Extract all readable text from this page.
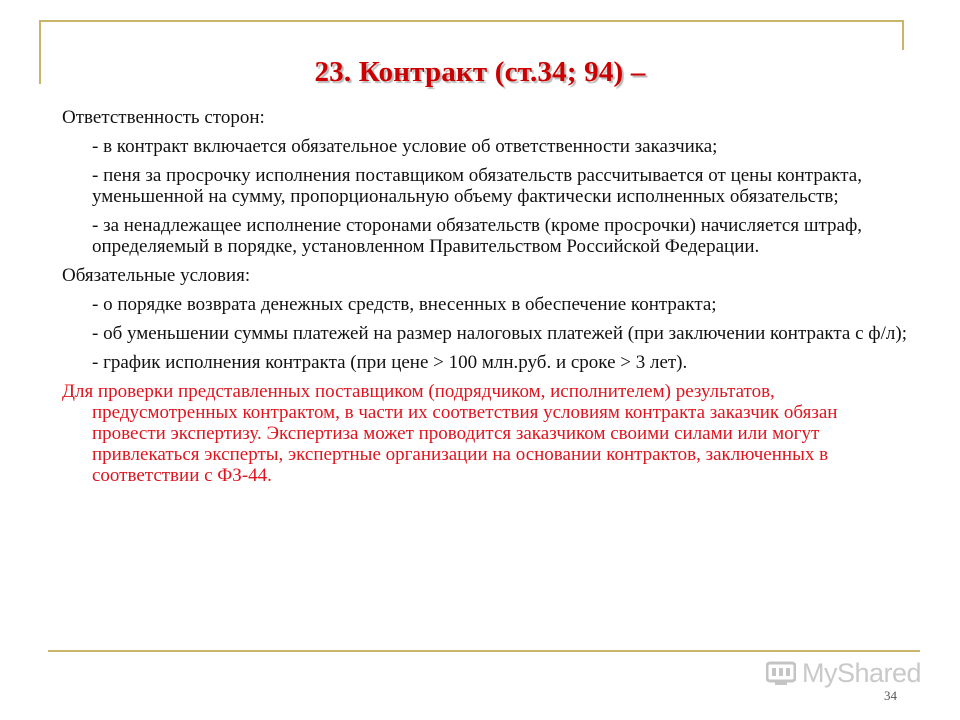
23. Контракт (ст.34; 94) –
Ответственность сторон:
- в контракт включается обязательное условие об ответственности заказчика;
- пеня за просрочку исполнения поставщиком обязательств рассчитывается от цены контракта, уменьшенной на сумму, пропорциональную объему фактически исполненных обязательств;
- за ненадлежащее исполнение сторонами обязательств (кроме просрочки) начисляется штраф, определяемый в порядке, установленном Правительством Российской Федерации.
Обязательные условия:
- о порядке возврата денежных средств, внесенных в обеспечение контракта;
- об уменьшении суммы платежей на размер налоговых платежей (при заключении контракта с ф/л);
- график исполнения контракта (при цене > 100 млн.руб. и сроке > 3 лет).
Для проверки представленных поставщиком (подрядчиком, исполнителем) результатов, предусмотренных контрактом, в части их соответствия условиям контракта заказчик обязан провести экспертизу. Экспертиза может проводится заказчиком своими силами или могут привлекаться эксперты, экспертные организации на основании контрактов, заключенных в соответствии с ФЗ-44.
MyShared
34
